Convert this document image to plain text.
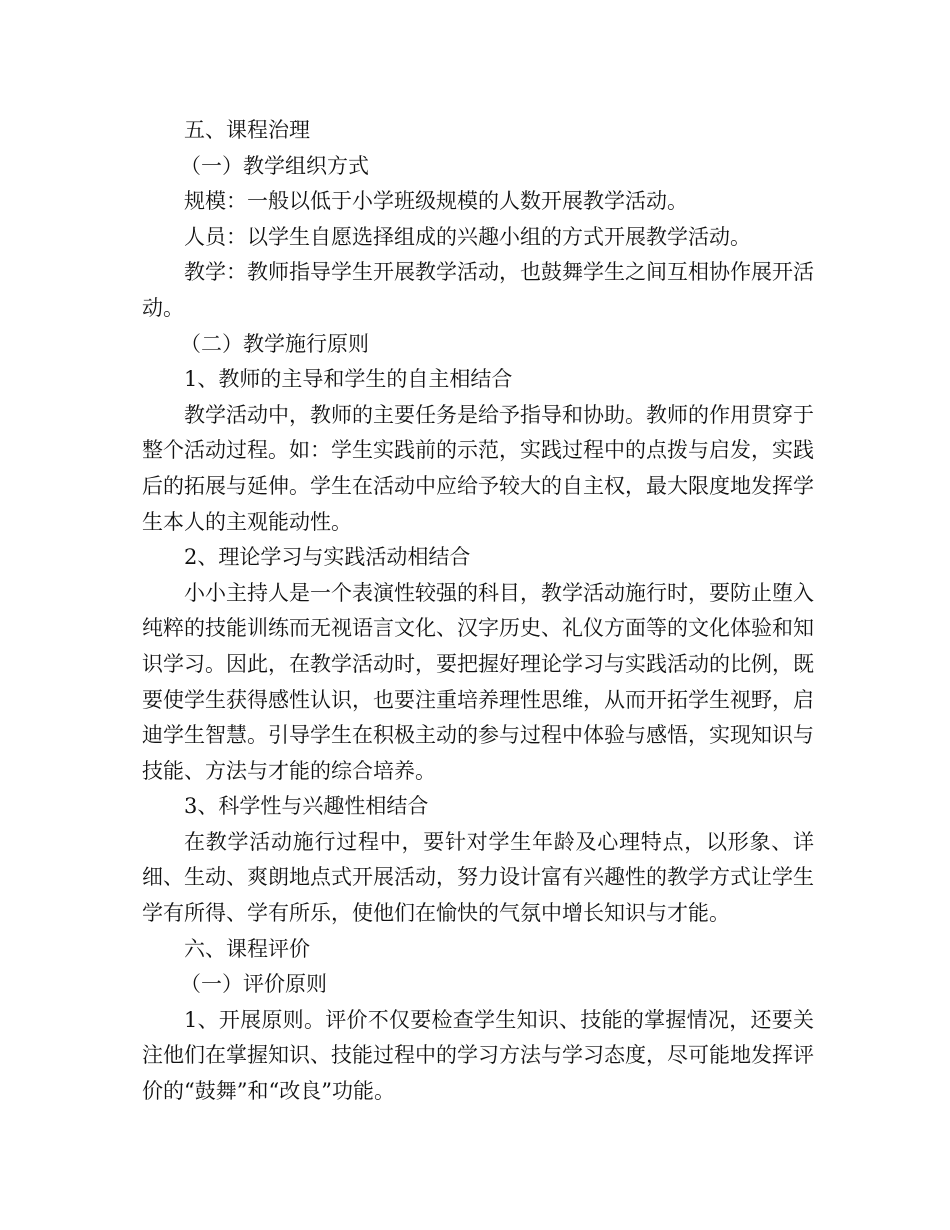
五、课程治理

（一）教学组织方式

规模：一般以低于小学班级规模的人数开展教学活动。

人员：以学生自愿选择组成的兴趣小组的方式开展教学活动。

教学：教师指导学生开展教学活动，也鼓舞学生之间互相协作展开活动。

（二）教学施行原则

1、教师的主导和学生的自主相结合

教学活动中，教师的主要任务是给予指导和协助。教师的作用贯穿于整个活动过程。如：学生实践前的示范，实践过程中的点拨与启发，实践后的拓展与延伸。学生在活动中应给予较大的自主权，最大限度地发挥学生本人的主观能动性。

2、理论学习与实践活动相结合

小小主持人是一个表演性较强的科目，教学活动施行时，要防止堕入纯粹的技能训练而无视语言文化、汉字历史、礼仪方面等的文化体验和知识学习。因此，在教学活动时，要把握好理论学习与实践活动的比例，既要使学生获得感性认识，也要注重培养理性思维，从而开拓学生视野，启迪学生智慧。引导学生在积极主动的参与过程中体验与感悟，实现知识与技能、方法与才能的综合培养。

3、科学性与兴趣性相结合

在教学活动施行过程中，要针对学生年龄及心理特点，以形象、详细、生动、爽朗地点式开展活动，努力设计富有兴趣性的教学方式让学生学有所得、学有所乐，使他们在愉快的气氛中增长知识与才能。

六、课程评价

（一）评价原则

1、开展原则。评价不仅要检查学生知识、技能的掌握情况，还要关注他们在掌握知识、技能过程中的学习方法与学习态度，尽可能地发挥评价的“鼓舞”和“改良”功能。
